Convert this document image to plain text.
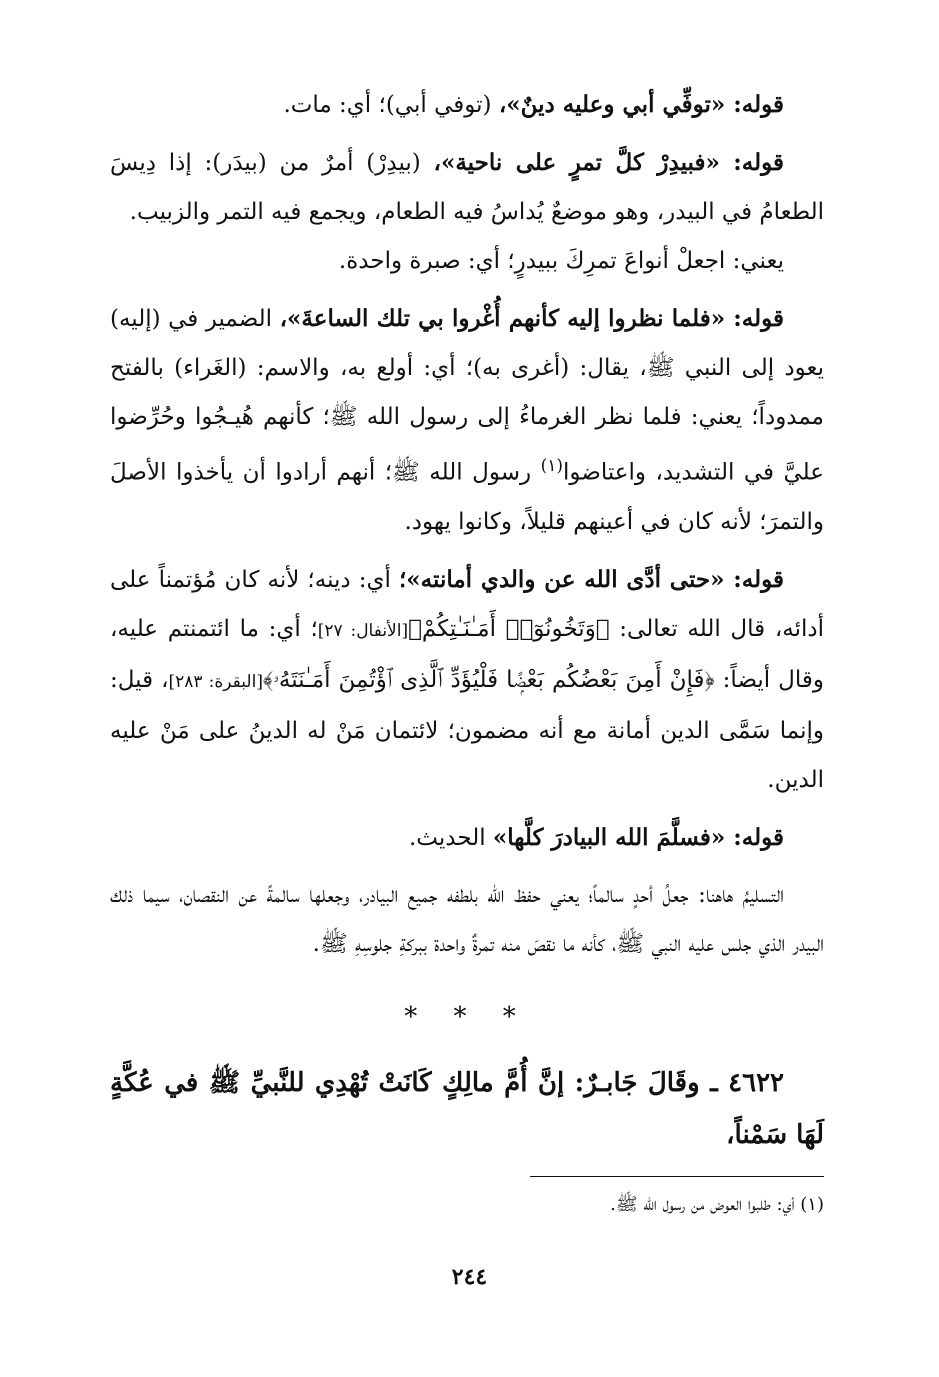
قوله: «توفِّي أبي وعليه دينٌ»، (توفي أبي)؛ أي: مات.

قوله: «فبيدِرْ كلَّ تمرٍ على ناحية»، (بيدِرْ) أمرٌ من (بيدَر): إذا دِيسَ الطعامُ في البيدر، وهو موضعٌ يُداسُ فيه الطعام، ويجمع فيه التمر والزبيب.

يعني: اجعلْ أنواعَ تمرِكَ ببيدرٍ؛ أي: صبرة واحدة.

قوله: «فلما نظروا إليه كأنهم أُغْروا بي تلك الساعةَ»، الضمير في (إليه) يعود إلى النبي ﷺ، يقال: (أغرى به)؛ أي: أولع به، والاسم: (الغَراء) بالفتح ممدوداً؛ يعني: فلما نظر الغرماءُ إلى رسول الله ﷺ؛ كأنهم هُيـجُوا وحُرِّضوا عليَّ في التشديد، واعتاضوا$^{(١)}$ رسول الله ﷺ؛ أنهم أرادوا أن يأخذوا الأصلَ والتمرَ؛ لأنه كان في أعينهم قليلاً، وكانوا يهود.

قوله: «حتى أدَّى الله عن والدي أمانته»؛ أي: دينه؛ لأنه كان مُؤتمناً على أدائه، قال الله تعالى: ﴿وَتَخُونُوٓا۟ أَمَـٰنَـٰتِكُمْ﴾[الأنفال: ٢٧]؛ أي: ما ائتمنتم عليه، وقال أيضاً: ﴿فَإِنْ أَمِنَ بَعْضُكُم بَعْضًۭا فَلْيُؤَدِّ ٱلَّذِى ٱؤْتُمِنَ أَمَـٰنَتَهُۥ﴾[البقرة: ٢٨٣]، قيل: وإنما سَمَّى الدين أمانة مع أنه مضمون؛ لائتمان مَنْ له الدينُ على مَنْ عليه الدين.

قوله: «فسلَّمَ الله البيادرَ كلَّها» الحديث.

التسليمُ هاهنا: جعلُ أحدٍ سالماً؛ يعني حفظ الله بلطفه جميع البيادر، وجعلها سالمةً عن النقصان، سيما ذلك البيدر الذي جلس عليه النبي ﷺ، كأنه ما نقصَ منه تمرةٌ واحدة ببركةِ جلوسِهِ ﷺ.

* * *

٤٦٢٢ ـ وقَالَ جَابـرٌ: إنَّ أُمَّ مالِكٍ كَانَتْ تُهْدِي للنَّبيِّ ﷺ في عُكَّةٍ لَهَا سَمْناً،

(١) أي: طلبوا العوض من رسول الله ﷺ.
٢٤٤
